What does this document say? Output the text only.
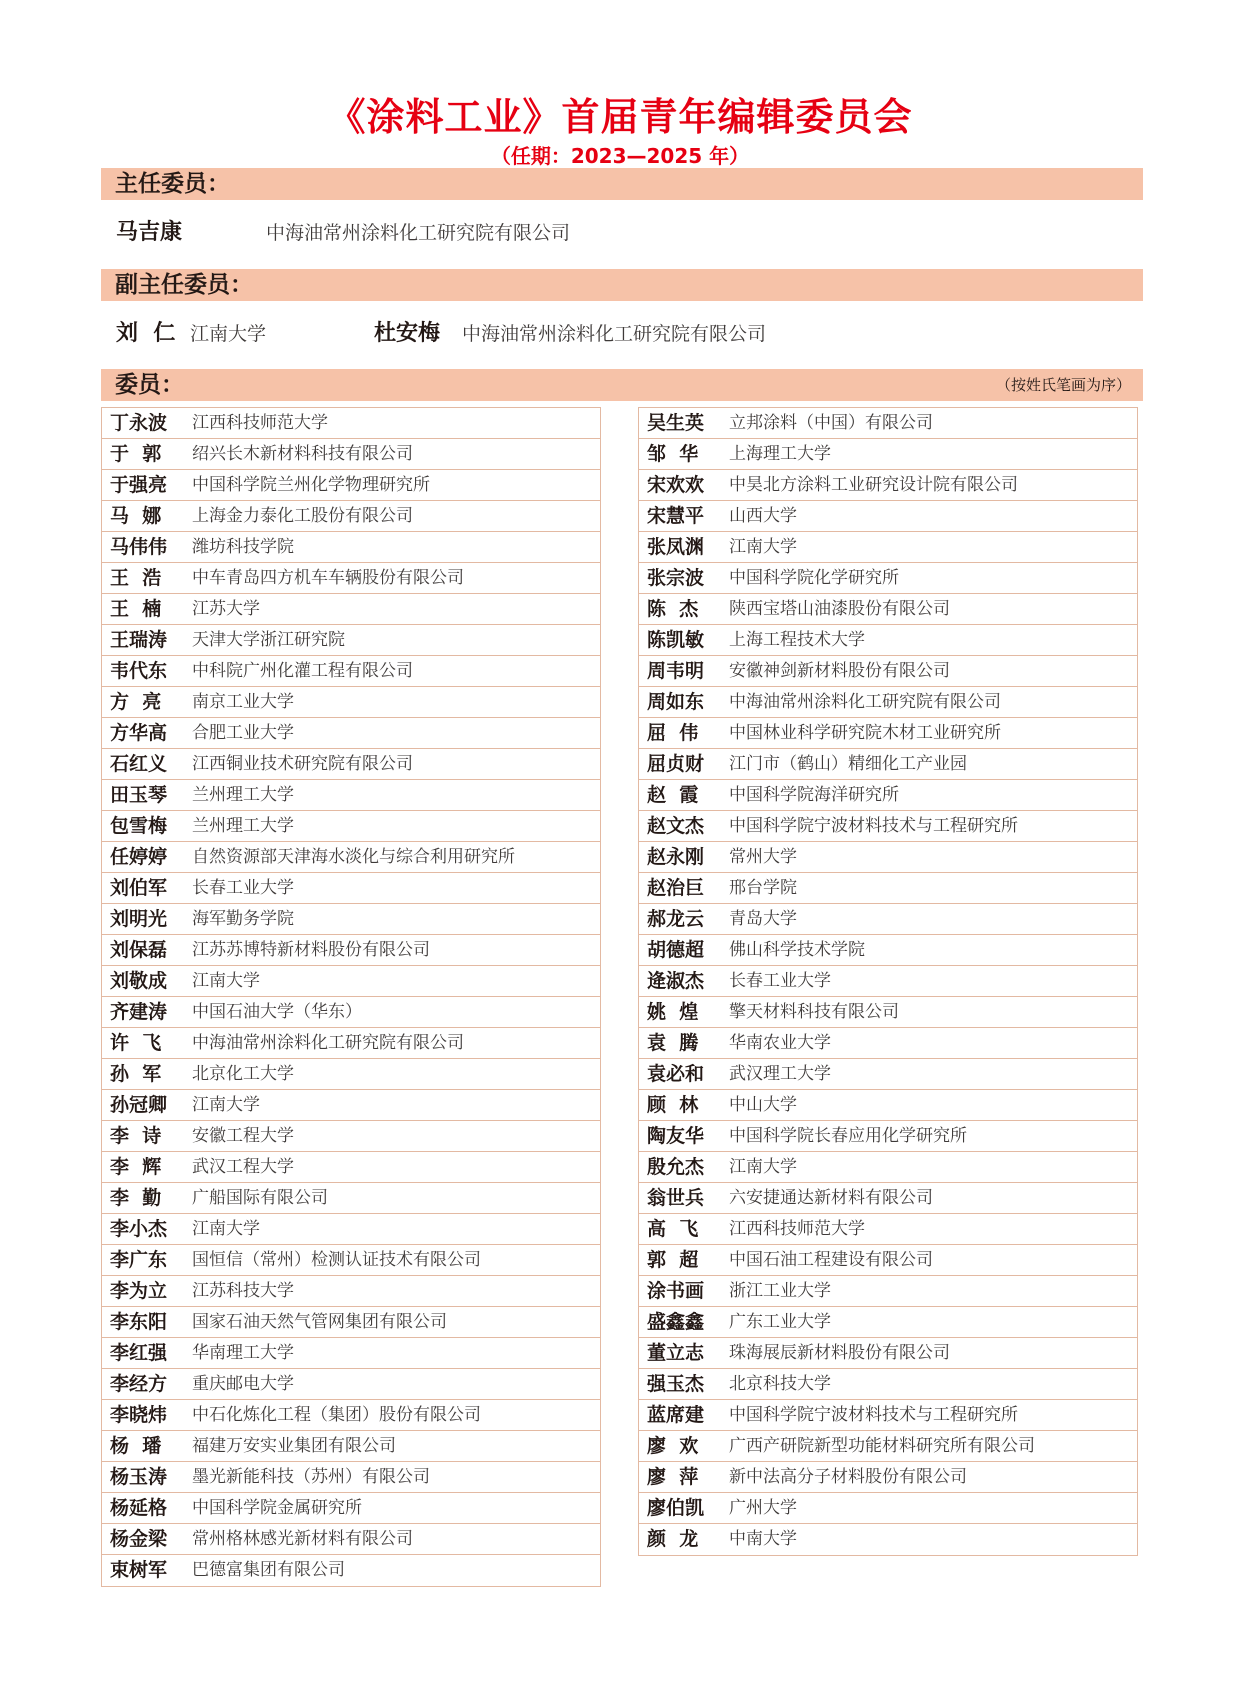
《涂料工业》首届青年编辑委员会
（任期：2023—2025 年）
主任委员：
马吉康	中海油常州涂料化工研究院有限公司
副主任委员：
刘  仁 江南大学	杜安梅 中海油常州涂料化工研究院有限公司
委员：	（按姓氏笔画为序）
丁永波 江西科技师范大学
于  郭 绍兴长木新材料科技有限公司
于强亮 中国科学院兰州化学物理研究所
马  娜 上海金力泰化工股份有限公司
马伟伟 潍坊科技学院
王  浩 中车青岛四方机车车辆股份有限公司
王  楠 江苏大学
王瑞涛 天津大学浙江研究院
韦代东 中科院广州化灌工程有限公司
方  亮 南京工业大学
方华高 合肥工业大学
石红义 江西铜业技术研究院有限公司
田玉琴 兰州理工大学
包雪梅 兰州理工大学
任婷婷 自然资源部天津海水淡化与综合利用研究所
刘伯军 长春工业大学
刘明光 海军勤务学院
刘保磊 江苏苏博特新材料股份有限公司
刘敬成 江南大学
齐建涛 中国石油大学（华东）
许  飞 中海油常州涂料化工研究院有限公司
孙  军 北京化工大学
孙冠卿 江南大学
李  诗 安徽工程大学
李  辉 武汉工程大学
李  勤 广船国际有限公司
李小杰 江南大学
李广东 国恒信（常州）检测认证技术有限公司
李为立 江苏科技大学
李东阳 国家石油天然气管网集团有限公司
李红强 华南理工大学
李经方 重庆邮电大学
李晓炜 中石化炼化工程（集团）股份有限公司
杨  璠 福建万安实业集团有限公司
杨玉涛 墨光新能科技（苏州）有限公司
杨延格 中国科学院金属研究所
杨金梁 常州格林感光新材料有限公司
束树军 巴德富集团有限公司
吴生英 立邦涂料（中国）有限公司
邹  华 上海理工大学
宋欢欢 中昊北方涂料工业研究设计院有限公司
宋慧平 山西大学
张凤渊 江南大学
张宗波 中国科学院化学研究所
陈  杰 陕西宝塔山油漆股份有限公司
陈凯敏 上海工程技术大学
周韦明 安徽神剑新材料股份有限公司
周如东 中海油常州涂料化工研究院有限公司
屈  伟 中国林业科学研究院木材工业研究所
屈贞财 江门市（鹤山）精细化工产业园
赵  霞 中国科学院海洋研究所
赵文杰 中国科学院宁波材料技术与工程研究所
赵永刚 常州大学
赵治巨 邢台学院
郝龙云 青岛大学
胡德超 佛山科学技术学院
逄淑杰 长春工业大学
姚  煌 擎天材料科技有限公司
袁  腾 华南农业大学
袁必和 武汉理工大学
顾  林 中山大学
陶友华 中国科学院长春应用化学研究所
殷允杰 江南大学
翁世兵 六安捷通达新材料有限公司
高  飞 江西科技师范大学
郭  超 中国石油工程建设有限公司
涂书画 浙江工业大学
盛鑫鑫 广东工业大学
董立志 珠海展辰新材料股份有限公司
强玉杰 北京科技大学
蓝席建 中国科学院宁波材料技术与工程研究所
廖  欢 广西产研院新型功能材料研究所有限公司
廖  萍 新中法高分子材料股份有限公司
廖伯凯 广州大学
颜  龙 中南大学
